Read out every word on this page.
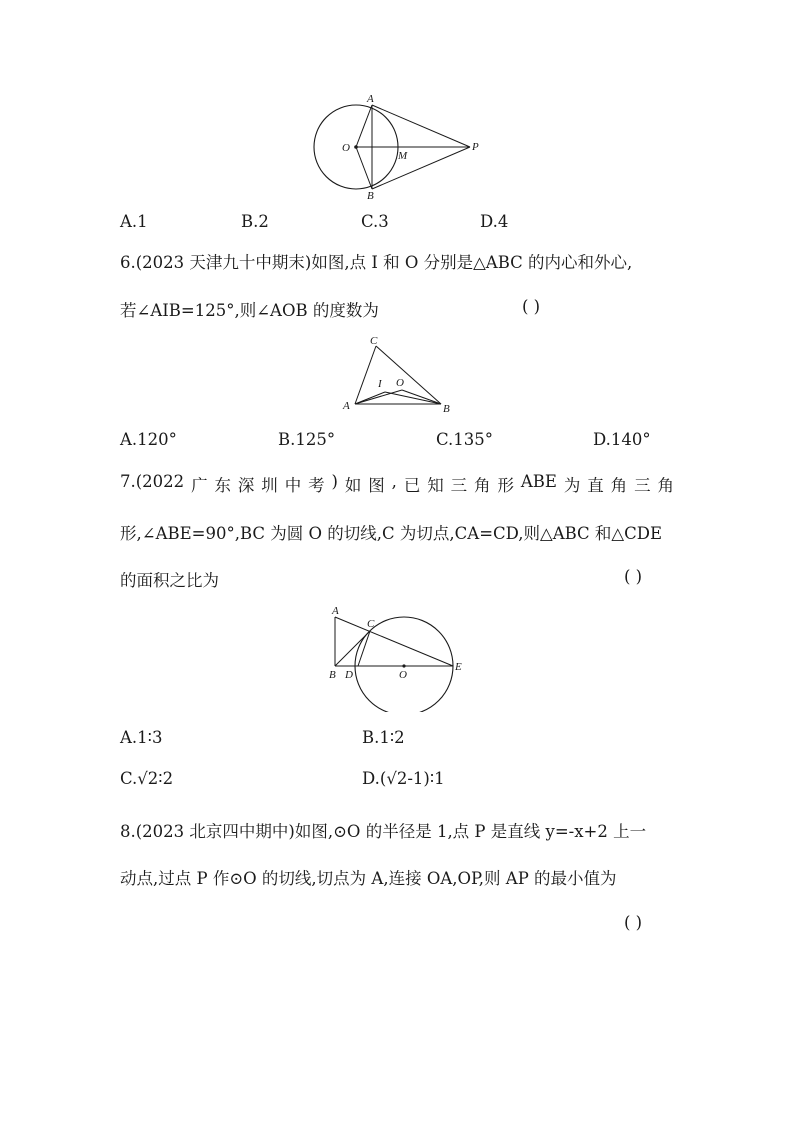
A
O
M
P
B
A.1	B.2	C.3	D.4
6.(2023 天津九十中期末)如图,点 I 和 O 分别是△ABC 的内心和外心,
若∠AIB=125°,则∠AOB 的度数为	( )
C
I O
A	B
A.120°	B.125°	C.135°	D.140°
7.(2022 广 东 深 圳 中 考 ) 如 图 , 已 知 三 角 形 ABE 为 直 角 三 角
形,∠ABE=90°,BC 为圆 O 的切线,C 为切点,CA=CD,则△ABC 和△CDE
的面积之比为	( )
A
C
B D	O
E
A.1∶3	B.1∶2
C.√2∶2	D.(√2-1)∶1
8.(2023 北京四中期中)如图,⊙O 的半径是 1,点 P 是直线 y=-x+2 上一
动点,过点 P 作⊙O 的切线,切点为 A,连接 OA,OP,则 AP 的最小值为
( )
